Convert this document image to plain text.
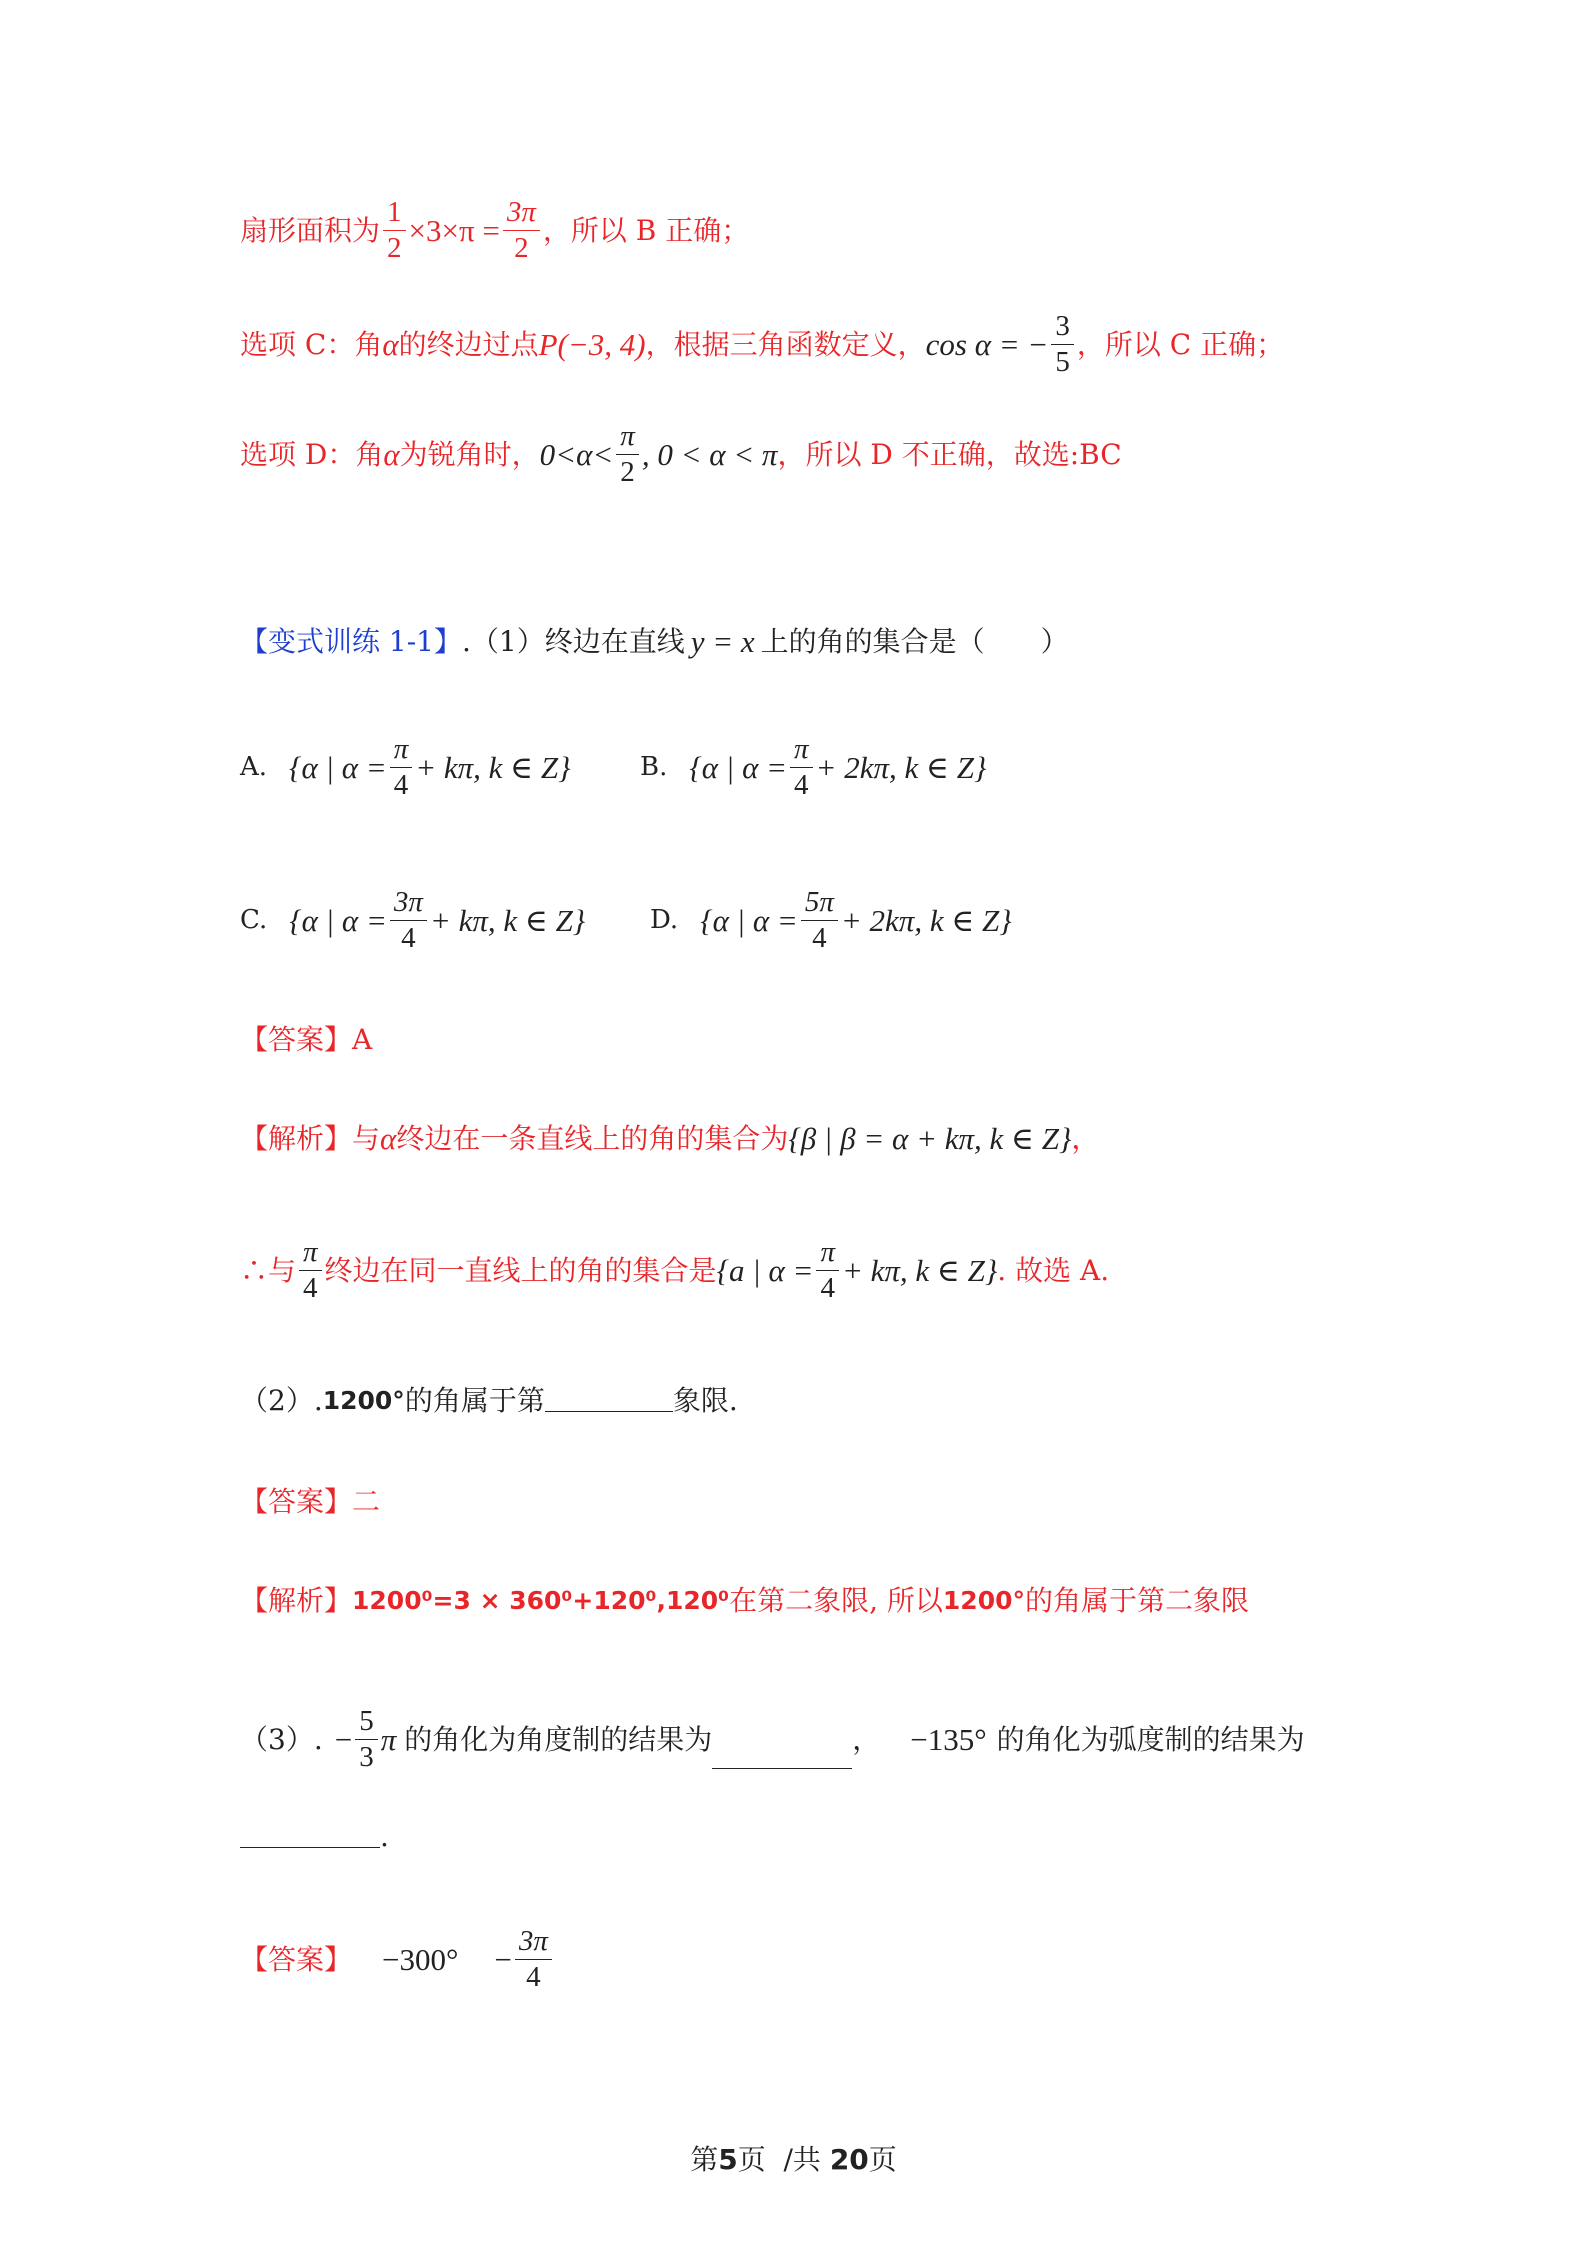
扇形面积为 $\frac{1}{2} \times 3\times\pi = \frac{3\pi}{2}$ ，所以 B 正确；
选项 C：角 α 的终边过点 P(−3, 4) ，根据三角函数定义， cos α = − $\frac{3}{5}$ ，所以 C 正确；
选项 D：角 α 为锐角时， $0<\alpha< \frac{\pi}{2}$ , 0 < α < π ，所以 D 不正确，故选:BC
【变式训练 1-1】 . （1）终边在直线 y = x 上的角的集合是（　　）
A. {α | $\alpha = \frac{\pi}{4} + k\pi$, k ∈ Z}	B. {α | $\alpha = \frac{\pi}{4} + 2k\pi$, k ∈ Z}
C. {α | $\alpha = \frac{3\pi}{4} + k\pi$, k ∈ Z} D. {α | $\alpha = \frac{5\pi}{4} + 2k\pi$, k ∈ Z}
【答案】 A
【解析】 与 α 终边在一条直线上的角的集合为 {β | β = α + kπ, k ∈ Z} ，
∴与 $\frac{\pi}{4}$ 终边在同一直线上的角的集合是 {a | $\alpha = \frac{\pi}{4} + k\pi$, k ∈ Z} . 故选 A.
（2）. 1200° 的角属于第	象限.
【答案】 二
【解析】 1200⁰=3 × 360⁰+120⁰,120⁰ 在第二象限, 所以 1200° 的角属于第二象限
（3）. − $\frac{5}{3}$ π 的角化为角度制的结果为	， −135° 的角化为弧度制的结果为
.
【答案】 $-300^\circ - \frac{3\pi}{4}$
第5页  /共 20页
